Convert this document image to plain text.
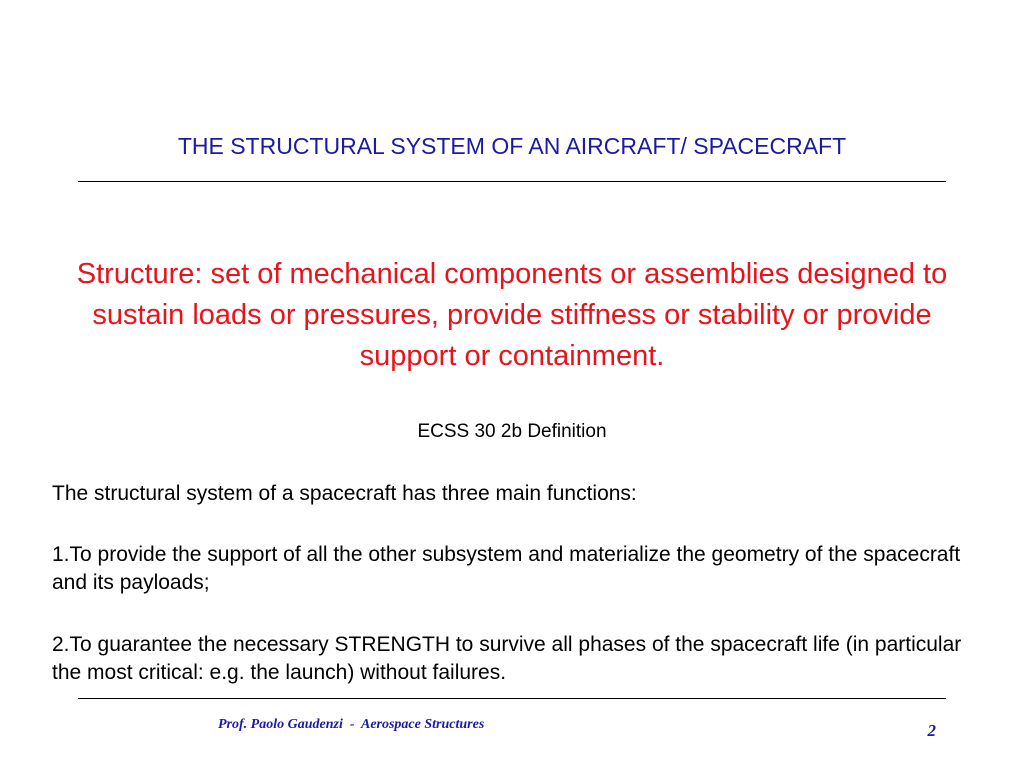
THE STRUCTURAL SYSTEM OF AN AIRCRAFT/ SPACECRAFT

Structure: set of mechanical components or assemblies designed to sustain loads or pressures, provide stiffness or stability or provide support or containment.

ECSS 30 2b Definition

The structural system of a spacecraft has three main functions:

1.To provide the support of all the other subsystem and materialize the geometry of the spacecraft and its payloads;

2.To guarantee the necessary STRENGTH to survive all phases of the spacecraft life (in particular the most critical: e.g. the launch) without failures.

Prof. Paolo Gaudenzi  -  Aerospace Structures	2
